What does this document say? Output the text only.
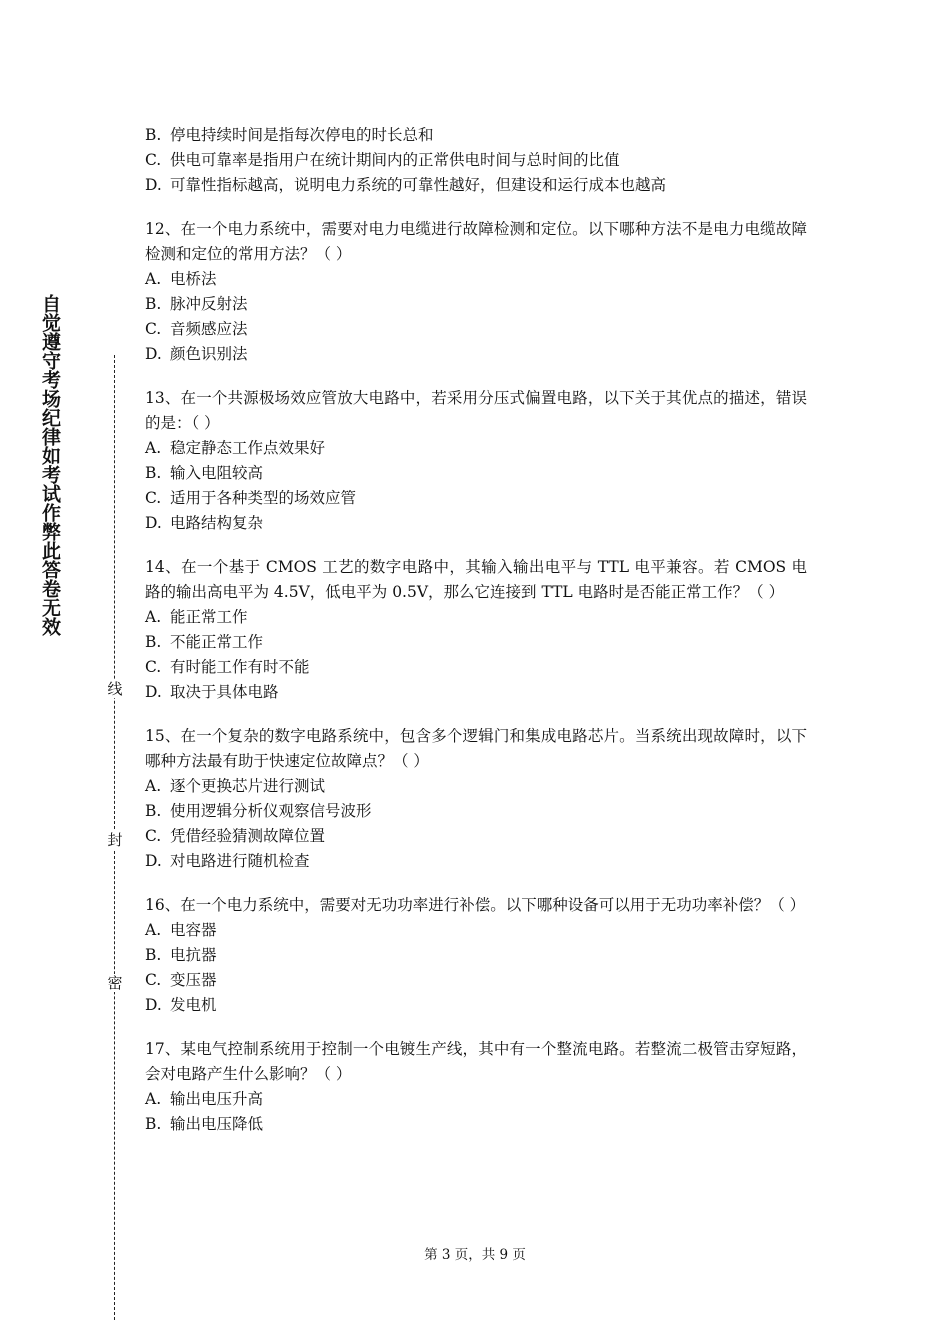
自觉遵守考场纪律如考试作弊此答卷无效
线
封
密
B. 停电持续时间是指每次停电的时长总和
C. 供电可靠率是指用户在统计期间内的正常供电时间与总时间的比值
D. 可靠性指标越高，说明电力系统的可靠性越好，但建设和运行成本也越高
12、在一个电力系统中，需要对电力电缆进行故障检测和定位。以下哪种方法不是电力电缆故障检测和定位的常用方法？（ ）
A. 电桥法
B. 脉冲反射法
C. 音频感应法
D. 颜色识别法
13、在一个共源极场效应管放大电路中，若采用分压式偏置电路，以下关于其优点的描述，错误的是：（ ）
A. 稳定静态工作点效果好
B. 输入电阻较高
C. 适用于各种类型的场效应管
D. 电路结构复杂
14、在一个基于 CMOS 工艺的数字电路中，其输入输出电平与 TTL 电平兼容。若 CMOS 电路的输出高电平为 4.5V，低电平为 0.5V，那么它连接到 TTL 电路时是否能正常工作？（ ）
A. 能正常工作
B. 不能正常工作
C. 有时能工作有时不能
D. 取决于具体电路
15、在一个复杂的数字电路系统中，包含多个逻辑门和集成电路芯片。当系统出现故障时，以下哪种方法最有助于快速定位故障点？（ ）
A. 逐个更换芯片进行测试
B. 使用逻辑分析仪观察信号波形
C. 凭借经验猜测故障位置
D. 对电路进行随机检查
16、在一个电力系统中，需要对无功功率进行补偿。以下哪种设备可以用于无功功率补偿？（ ）
A. 电容器
B. 电抗器
C. 变压器
D. 发电机
17、某电气控制系统用于控制一个电镀生产线，其中有一个整流电路。若整流二极管击穿短路，会对电路产生什么影响？（ ）
A. 输出电压升高
B. 输出电压降低
第 3 页，共 9 页
